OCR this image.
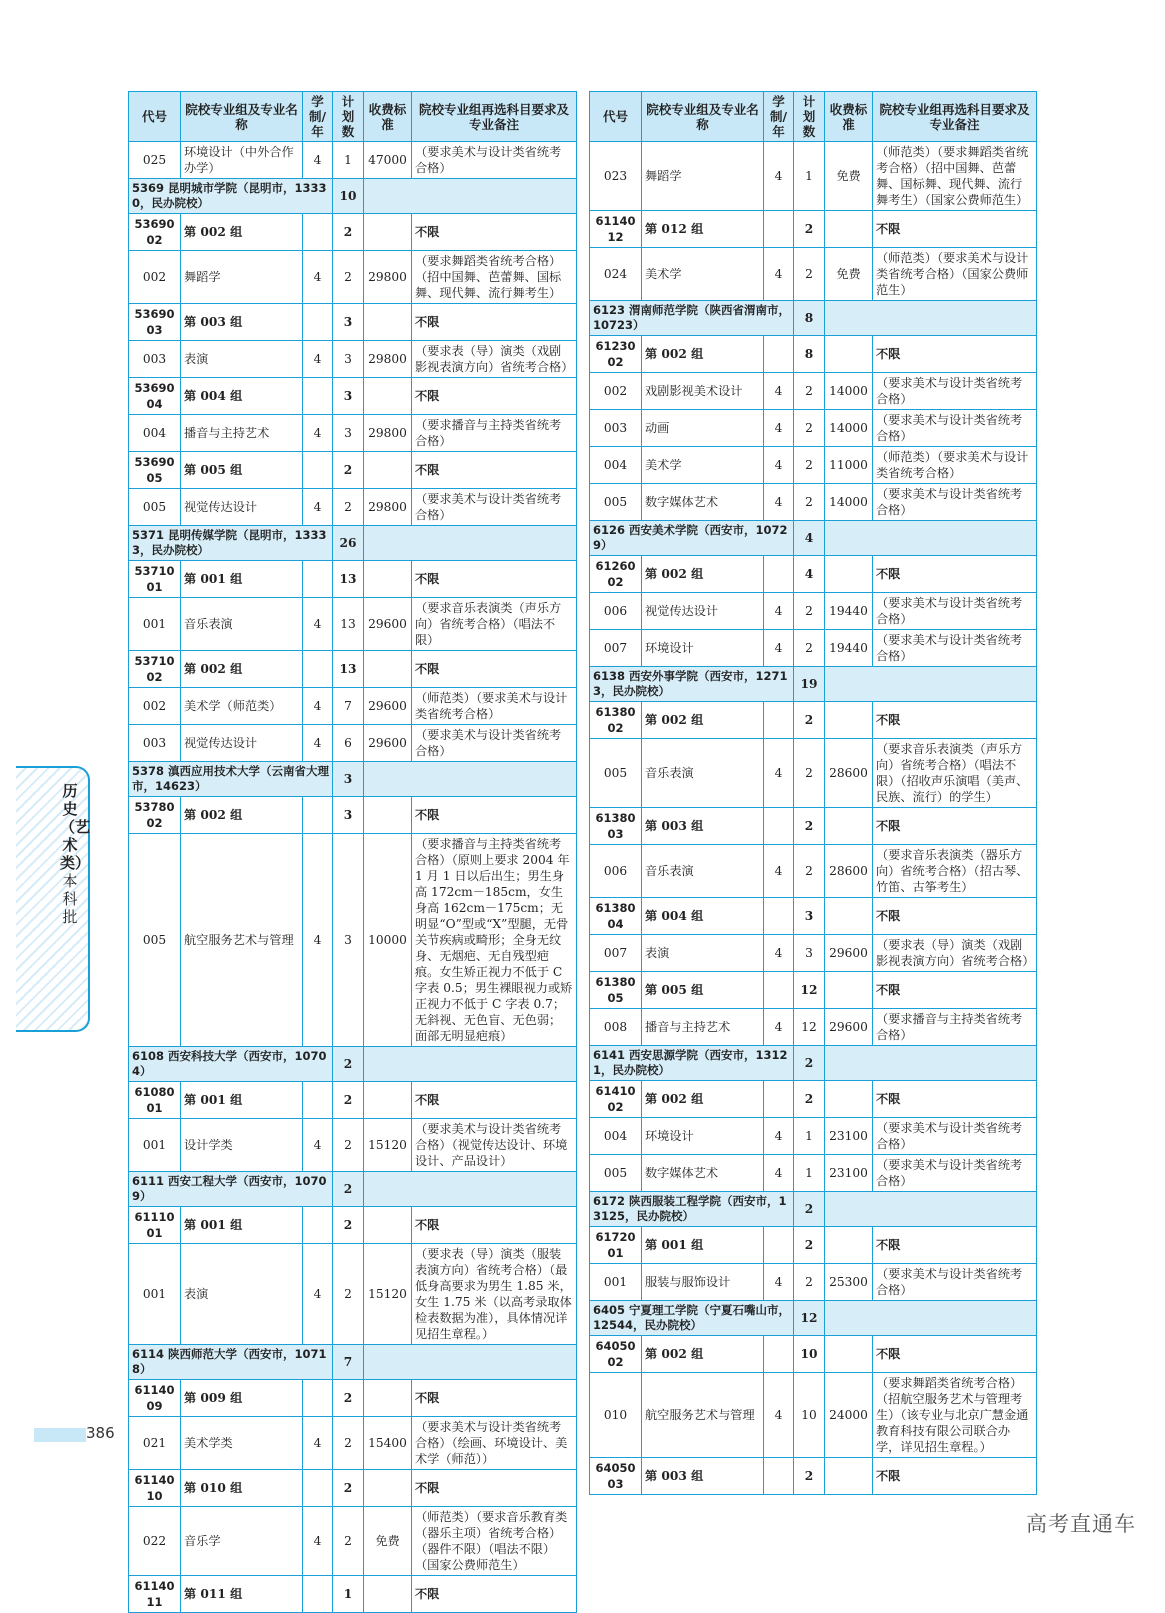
代号	院校专业组及专业名称	学制/年	计划数	收费标准	院校专业组再选科目要求及专业备注
025	环境设计（中外合作办学）	4	1	47000	（要求美术与设计类省统考合格）
5369 昆明城市学院（昆明市，13330，民办院校）			10		
5369002	第 002 组		2		不限
002	舞蹈学	4	2	29800	（要求舞蹈类省统考合格）（招中国舞、芭蕾舞、国标舞、现代舞、流行舞考生）
5369003	第 003 组		3		不限
003	表演	4	3	29800	（要求表（导）演类（戏剧影视表演方向）省统考合格）
5369004	第 004 组		3		不限
004	播音与主持艺术	4	3	29800	（要求播音与主持类省统考合格）
5369005	第 005 组		2		不限
005	视觉传达设计	4	2	29800	（要求美术与设计类省统考合格）
5371 昆明传媒学院（昆明市，13333，民办院校）			26		
5371001	第 001 组		13		不限
001	音乐表演	4	13	29600	（要求音乐表演类（声乐方向）省统考合格）（唱法不限）
5371002	第 002 组		13		不限
002	美术学（师范类）	4	7	29600	（师范类）（要求美术与设计类省统考合格）
003	视觉传达设计	4	6	29600	（要求美术与设计类省统考合格）
5378 滇西应用技术大学（云南省大理市，14623）			3		
5378002	第 002 组		3		不限
005	航空服务艺术与管理	4	3	10000	（要求播音与主持类省统考合格）（原则上要求 2004 年 1 月 1 日以后出生；男生身高 172cm－185cm，女生身高 162cm－175cm；无明显“O”型或“X”型腿，无骨关节疾病或畸形；全身无纹身、无烟疤、无自残型疤痕。女生矫正视力不低于 C 字表 0.5；男生裸眼视力或矫正视力不低于 C 字表 0.7；无斜视、无色盲、无色弱；面部无明显疤痕）
6108 西安科技大学（西安市，10704）			2		
6108001	第 001 组		2		不限
001	设计学类	4	2	15120	（要求美术与设计类省统考合格）（视觉传达设计、环境设计、产品设计）
6111 西安工程大学（西安市，10709）			2		
6111001	第 001 组		2		不限
001	表演	4	2	15120	（要求表（导）演类（服装表演方向）省统考合格）（最低身高要求为男生 1.85 米，女生 1.75 米（以高考录取体检表数据为准），具体情况详见招生章程。）
6114 陕西师范大学（西安市，10718）			7		
6114009	第 009 组		2		不限
021	美术学类	4	2	15400	（要求美术与设计类省统考合格）（绘画、环境设计、美术学（师范））
6114010	第 010 组		2		不限
022	音乐学	4	2	免费	（师范类）（要求音乐教育类（器乐主项）省统考合格）（器件不限）（唱法不限）（国家公费师范生）
6114011	第 011 组		1		不限
代号	院校专业组及专业名称	学制/年	计划数	收费标准	院校专业组再选科目要求及专业备注
023	舞蹈学	4	1	免费	（师范类）（要求舞蹈类省统考合格）（招中国舞、芭蕾舞、国标舞、现代舞、流行舞考生）（国家公费师范生）
6114012	第 012 组		2		不限
024	美术学	4	2	免费	（师范类）（要求美术与设计类省统考合格）（国家公费师范生）
6123 渭南师范学院（陕西省渭南市，10723）			8		
6123002	第 002 组		8		不限
002	戏剧影视美术设计	4	2	14000	（要求美术与设计类省统考合格）
003	动画	4	2	14000	（要求美术与设计类省统考合格）
004	美术学	4	2	11000	（师范类）（要求美术与设计类省统考合格）
005	数字媒体艺术	4	2	14000	（要求美术与设计类省统考合格）
6126 西安美术学院（西安市，10729）			4		
6126002	第 002 组		4		不限
006	视觉传达设计	4	2	19440	（要求美术与设计类省统考合格）
007	环境设计	4	2	19440	（要求美术与设计类省统考合格）
6138 西安外事学院（西安市，12713，民办院校）			19		
6138002	第 002 组		2		不限
005	音乐表演	4	2	28600	（要求音乐表演类（声乐方向）省统考合格）（唱法不限）（招收声乐演唱（美声、民族、流行）的学生）
6138003	第 003 组		2		不限
006	音乐表演	4	2	28600	（要求音乐表演类（器乐方向）省统考合格）（招古琴、竹笛、古筝考生）
6138004	第 004 组		3		不限
007	表演	4	3	29600	（要求表（导）演类（戏剧影视表演方向）省统考合格）
6138005	第 005 组		12		不限
008	播音与主持艺术	4	12	29600	（要求播音与主持类省统考合格）
6141 西安思源学院（西安市，13121，民办院校）			2		
6141002	第 002 组		2		不限
004	环境设计	4	1	23100	（要求美术与设计类省统考合格）
005	数字媒体艺术	4	1	23100	（要求美术与设计类省统考合格）
6172 陕西服装工程学院（西安市，13125，民办院校）			2		
6172001	第 001 组		2		不限
001	服装与服饰设计	4	2	25300	（要求美术与设计类省统考合格）
6405 宁夏理工学院（宁夏石嘴山市，12544，民办院校）			12		
6405002	第 002 组		10		不限
010	航空服务艺术与管理	4	10	24000	（要求舞蹈类省统考合格）（招航空服务艺术与管理考生）（该专业与北京广慧金通教育科技有限公司联合办学，详见招生章程。）
6405003	第 003 组		2		不限
历史（艺术类）
本科批
386
高考直通车
